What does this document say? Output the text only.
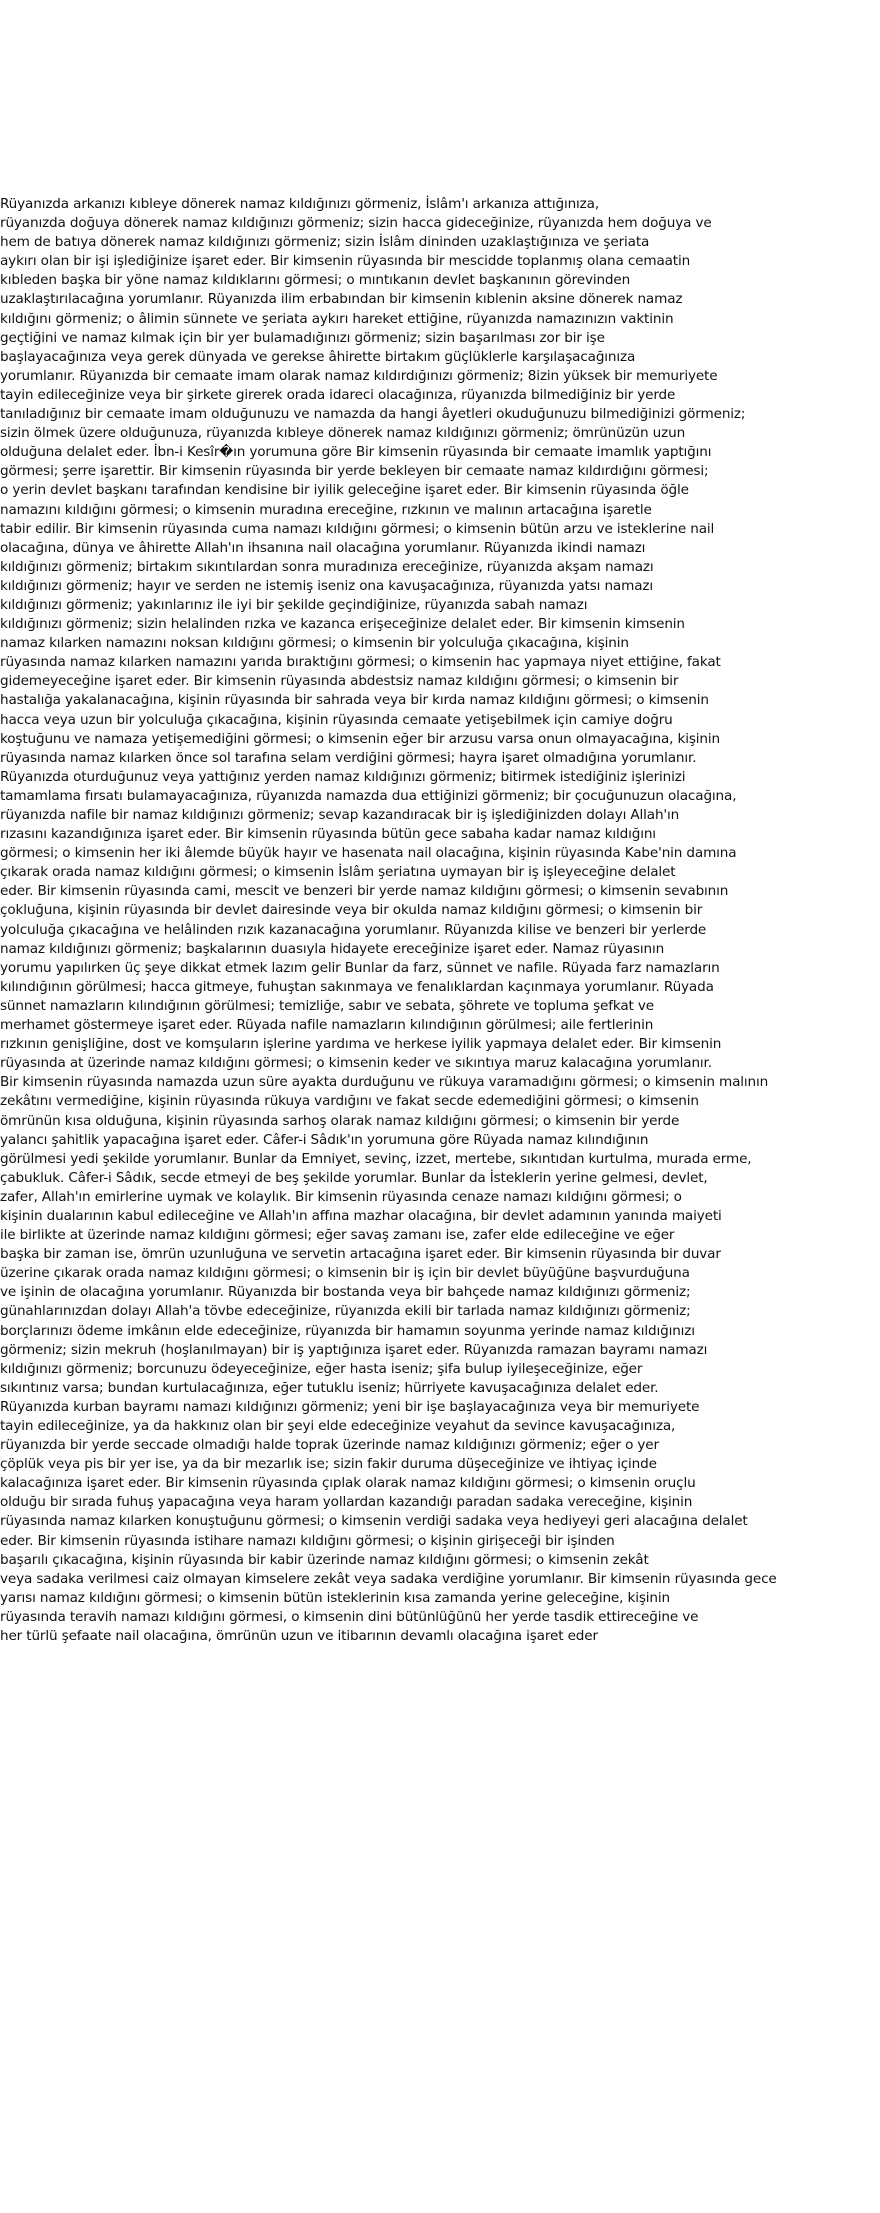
Rüyanızda arkanızı kıbleye dönerek namaz kıldığınızı görmeniz, İslâm'ı arkanıza attığınıza,
rüyanızda doğuya dönerek namaz kıldığınızı görmeniz; sizin hacca gideceğinize, rüyanızda hem doğuya ve
hem de batıya dönerek namaz kıldığınızı görmeniz; sizin İslâm dininden uzaklaştığınıza ve şeriata
aykırı olan bir işi işlediğinize işaret eder. Bir kimsenin rüyasında bir mescidde toplanmış olana cemaatin
kıbleden başka bir yöne namaz kıldıklarını görmesi; o mıntıkanın devlet başkanının görevinden
uzaklaştırılacağına yorumlanır. Rüyanızda ilim erbabından bir kimsenin kıblenin aksine dönerek namaz
kıldığını görmeniz; o âlimin sünnete ve şeriata aykırı hareket ettiğine, rüyanızda namazınızın vaktinin
geçtiğini ve namaz kılmak için bir yer bulamadığınızı görmeniz; sizin başarılması zor bir işe
başlayacağınıza veya gerek dünyada ve gerekse âhirette birtakım güçlüklerle karşılaşacağınıza
yorumlanır. Rüyanızda bir cemaate imam olarak namaz kıldırdığınızı görmeniz; 8izin yüksek bir memuriyete
tayin edileceğinize veya bir şirkete girerek orada idareci olacağınıza, rüyanızda bilmediğiniz bir yerde
tanıladığınız bir cemaate imam olduğunuzu ve namazda da hangi âyetleri okuduğunuzu bilmediğinizi görmeniz;
sizin ölmek üzere olduğunuza, rüyanızda kıbleye dönerek namaz kıldığınızı görmeniz; ömrünüzün uzun
olduğuna delalet eder. İbn-i Kesîr�ın yorumuna göre Bir kimsenin rüyasında bir cemaate imamlık yaptığını
görmesi; şerre işarettir. Bir kimsenin rüyasında bir yerde bekleyen bir cemaate namaz kıldırdığını görmesi;
o yerin devlet başkanı tarafından kendisine bir iyilik geleceğine işaret eder. Bir kimsenin rüyasında öğle
namazını kıldığını görmesi; o kimsenin muradına ereceğine, rızkının ve malının artacağına işaretle
tabir edilir. Bir kimsenin rüyasında cuma namazı kıldığını görmesi; o kimsenin bütün arzu ve isteklerine nail
olacağına, dünya ve âhirette Allah'ın ihsanına nail olacağına yorumlanır. Rüyanızda ikindi namazı
kıldığınızı görmeniz; birtakım sıkıntılardan sonra muradınıza ereceğinize, rüyanızda akşam namazı
kıldığınızı görmeniz; hayır ve serden ne istemiş iseniz ona kavuşacağınıza, rüyanızda yatsı namazı
kıldığınızı görmeniz; yakınlarınız ile iyi bir şekilde geçindiğinize, rüyanızda sabah namazı
kıldığınızı görmeniz; sizin helalinden rızka ve kazanca erişeceğinize delalet eder. Bir kimsenin kimsenin
namaz kılarken namazını noksan kıldığını görmesi; o kimsenin bir yolculuğa çıkacağına, kişinin
rüyasında namaz kılarken namazını yarıda bıraktığını görmesi; o kimsenin hac yapmaya niyet ettiğine, fakat
gidemeyeceğine işaret eder. Bir kimsenin rüyasında abdestsiz namaz kıldığını görmesi; o kimsenin bir
hastalığa yakalanacağına, kişinin rüyasında bir sahrada veya bir kırda namaz kıldığını görmesi; o kimsenin
hacca veya uzun bir yolculuğa çıkacağına, kişinin rüyasında cemaate yetişebilmek için camiye doğru
koştuğunu ve namaza yetişemediğini görmesi; o kimsenin eğer bir arzusu varsa onun olmayacağına, kişinin
rüyasında namaz kılarken önce sol tarafına selam verdiğini görmesi; hayra işaret olmadığına yorumlanır.
Rüyanızda oturduğunuz veya yattığınız yerden namaz kıldığınızı görmeniz; bitirmek istediğiniz işlerinizi
tamamlama fırsatı bulamayacağınıza, rüyanızda namazda dua ettiğinizi görmeniz; bir çocuğunuzun olacağına,
rüyanızda nafile bir namaz kıldığınızı görmeniz; sevap kazandıracak bir iş işlediğinizden dolayı Allah'ın
rızasını kazandığınıza işaret eder. Bir kimsenin rüyasında bütün gece sabaha kadar namaz kıldığını
görmesi; o kimsenin her iki âlemde büyük hayır ve hasenata nail olacağına, kişinin rüyasında Kabe'nin damına
çıkarak orada namaz kıldığını görmesi; o kimsenin İslâm şeriatına uymayan bir iş işleyeceğine delalet
eder. Bir kimsenin rüyasında cami, mescit ve benzeri bir yerde namaz kıldığını görmesi; o kimsenin sevabının
çokluğuna, kişinin rüyasında bir devlet dairesinde veya bir okulda namaz kıldığını görmesi; o kimsenin bir
yolculuğa çıkacağına ve helâlinden rızık kazanacağına yorumlanır. Rüyanızda kilise ve benzeri bir yerlerde
namaz kıldığınızı görmeniz; başkalarının duasıyla hidayete ereceğinize işaret eder. Namaz rüyasının
yorumu yapılırken üç şeye dikkat etmek lazım gelir Bunlar da farz, sünnet ve nafile. Rüyada farz namazların
kılındığının görülmesi; hacca gitmeye, fuhuştan sakınmaya ve fenalıklardan kaçınmaya yorumlanır. Rüyada
sünnet namazların kılındığının görülmesi; temizliğe, sabır ve sebata, şöhrete ve topluma şefkat ve
merhamet göstermeye işaret eder. Rüyada nafile namazların kılındığının görülmesi; aile fertlerinin
rızkının genişliğine, dost ve komşuların işlerine yardıma ve herkese iyilik yapmaya delalet eder. Bir kimsenin
rüyasında at üzerinde namaz kıldığını görmesi; o kimsenin keder ve sıkıntıya maruz kalacağına yorumlanır.
Bir kimsenin rüyasında namazda uzun süre ayakta durduğunu ve rükuya varamadığını görmesi; o kimsenin malının
zekâtını vermediğine, kişinin rüyasında rükuya vardığını ve fakat secde edemediğini görmesi; o kimsenin
ömrünün kısa olduğuna, kişinin rüyasında sarhoş olarak namaz kıldığını görmesi; o kimsenin bir yerde
yalancı şahitlik yapacağına işaret eder. Câfer-i Sâdık'ın yorumuna göre Rüyada namaz kılındığının
görülmesi yedi şekilde yorumlanır. Bunlar da Emniyet, sevinç, izzet, mertebe, sıkıntıdan kurtulma, murada erme,
çabukluk. Câfer-i Sâdık, secde etmeyi de beş şekilde yorumlar. Bunlar da İsteklerin yerine gelmesi, devlet,
zafer, Allah'ın emirlerine uymak ve kolaylık. Bir kimsenin rüyasında cenaze namazı kıldığını görmesi; o
kişinin dualarının kabul edileceğine ve Allah'ın affına mazhar olacağına, bir devlet adamının yanında maiyeti
ile birlikte at üzerinde namaz kıldığını görmesi; eğer savaş zamanı ise, zafer elde edileceğine ve eğer
başka bir zaman ise, ömrün uzunluğuna ve servetin artacağına işaret eder. Bir kimsenin rüyasında bir duvar
üzerine çıkarak orada namaz kıldığını görmesi; o kimsenin bir iş için bir devlet büyüğüne başvurduğuna
ve işinin de olacağına yorumlanır. Rüyanızda bir bostanda veya bir bahçede namaz kıldığınızı görmeniz;
günahlarınızdan dolayı Allah'a tövbe edeceğinize, rüyanızda ekili bir tarlada namaz kıldığınızı görmeniz;
borçlarınızı ödeme imkânın elde edeceğinize, rüyanızda bir hamamın soyunma yerinde namaz kıldığınızı
görmeniz; sizin mekruh (hoşlanılmayan) bir iş yaptığınıza işaret eder. Rüyanızda ramazan bayramı namazı
kıldığınızı görmeniz; borcunuzu ödeyeceğinize, eğer hasta iseniz; şifa bulup iyileşeceğinize, eğer
sıkıntınız varsa; bundan kurtulacağınıza, eğer tutuklu iseniz; hürriyete kavuşacağınıza delalet eder.
Rüyanızda kurban bayramı namazı kıldığınızı görmeniz; yeni bir işe başlayacağınıza veya bir memuriyete
tayin edileceğinize, ya da hakkınız olan bir şeyi elde edeceğinize veyahut da sevince kavuşacağınıza,
rüyanızda bir yerde seccade olmadığı halde toprak üzerinde namaz kıldığınızı görmeniz; eğer o yer
çöplük veya pis bir yer ise, ya da bir mezarlık ise; sizin fakir duruma düşeceğinize ve ihtiyaç içinde
kalacağınıza işaret eder. Bir kimsenin rüyasında çıplak olarak namaz kıldığını görmesi; o kimsenin oruçlu
olduğu bir sırada fuhuş yapacağına veya haram yollardan kazandığı paradan sadaka vereceğine, kişinin
rüyasında namaz kılarken konuştuğunu görmesi; o kimsenin verdiği sadaka veya hediyeyi geri alacağına delalet
eder. Bir kimsenin rüyasında istihare namazı kıldığını görmesi; o kişinin girişeceği bir işinden
başarılı çıkacağına, kişinin rüyasında bir kabir üzerinde namaz kıldığını görmesi; o kimsenin zekât
veya sadaka verilmesi caiz olmayan kimselere zekât veya sadaka verdiğine yorumlanır. Bir kimsenin rüyasında gece
yarısı namaz kıldığını görmesi; o kimsenin bütün isteklerinin kısa zamanda yerine geleceğine, kişinin
rüyasında teravih namazı kıldığını görmesi, o kimsenin dini bütünlüğünü her yerde tasdik ettireceğine ve
her türlü şefaate nail olacağına, ömrünün uzun ve itibarının devamlı olacağına işaret eder
